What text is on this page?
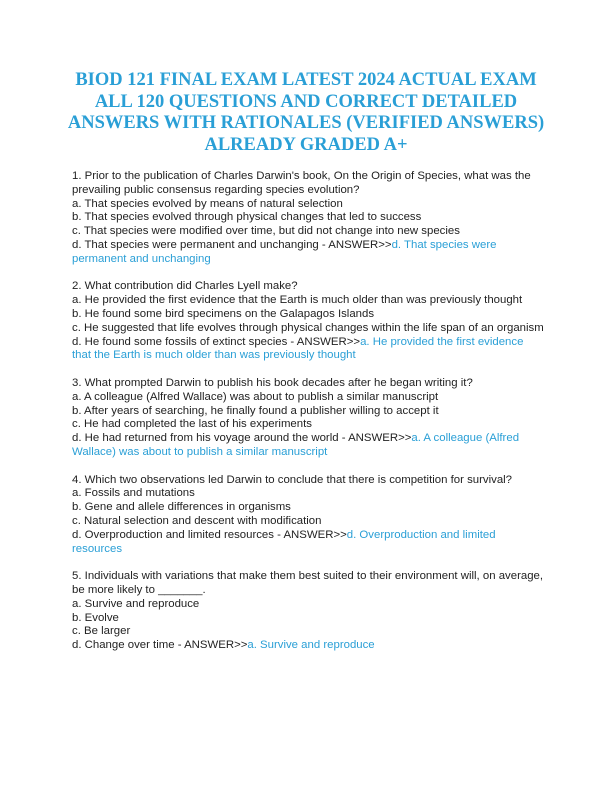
BIOD 121 FINAL EXAM LATEST 2024 ACTUAL EXAM ALL 120 QUESTIONS AND CORRECT DETAILED ANSWERS WITH RATIONALES (VERIFIED ANSWERS) ALREADY GRADED A+

1. Prior to the publication of Charles Darwin's book, On the Origin of Species, what was the prevailing public consensus regarding species evolution?

a. That species evolved by means of natural selection

b. That species evolved through physical changes that led to success

c. That species were modified over time, but did not change into new species

d. That species were permanent and unchanging - ANSWER>>d. That species were permanent and unchanging

2. What contribution did Charles Lyell make?

a. He provided the first evidence that the Earth is much older than was previously thought

b. He found some bird specimens on the Galapagos Islands

c. He suggested that life evolves through physical changes within the life span of an organism

d. He found some fossils of extinct species - ANSWER>>a. He provided the first evidence that the Earth is much older than was previously thought

3. What prompted Darwin to publish his book decades after he began writing it?

a. A colleague (Alfred Wallace) was about to publish a similar manuscript

b. After years of searching, he finally found a publisher willing to accept it

c. He had completed the last of his experiments

d. He had returned from his voyage around the world - ANSWER>>a. A colleague (Alfred Wallace) was about to publish a similar manuscript

4. Which two observations led Darwin to conclude that there is competition for survival?

a. Fossils and mutations

b. Gene and allele differences in organisms

c. Natural selection and descent with modification

d. Overproduction and limited resources - ANSWER>>d. Overproduction and limited resources

5. Individuals with variations that make them best suited to their environment will, on average, be more likely to _______.

a. Survive and reproduce

b. Evolve

c. Be larger

d. Change over time - ANSWER>>a. Survive and reproduce
